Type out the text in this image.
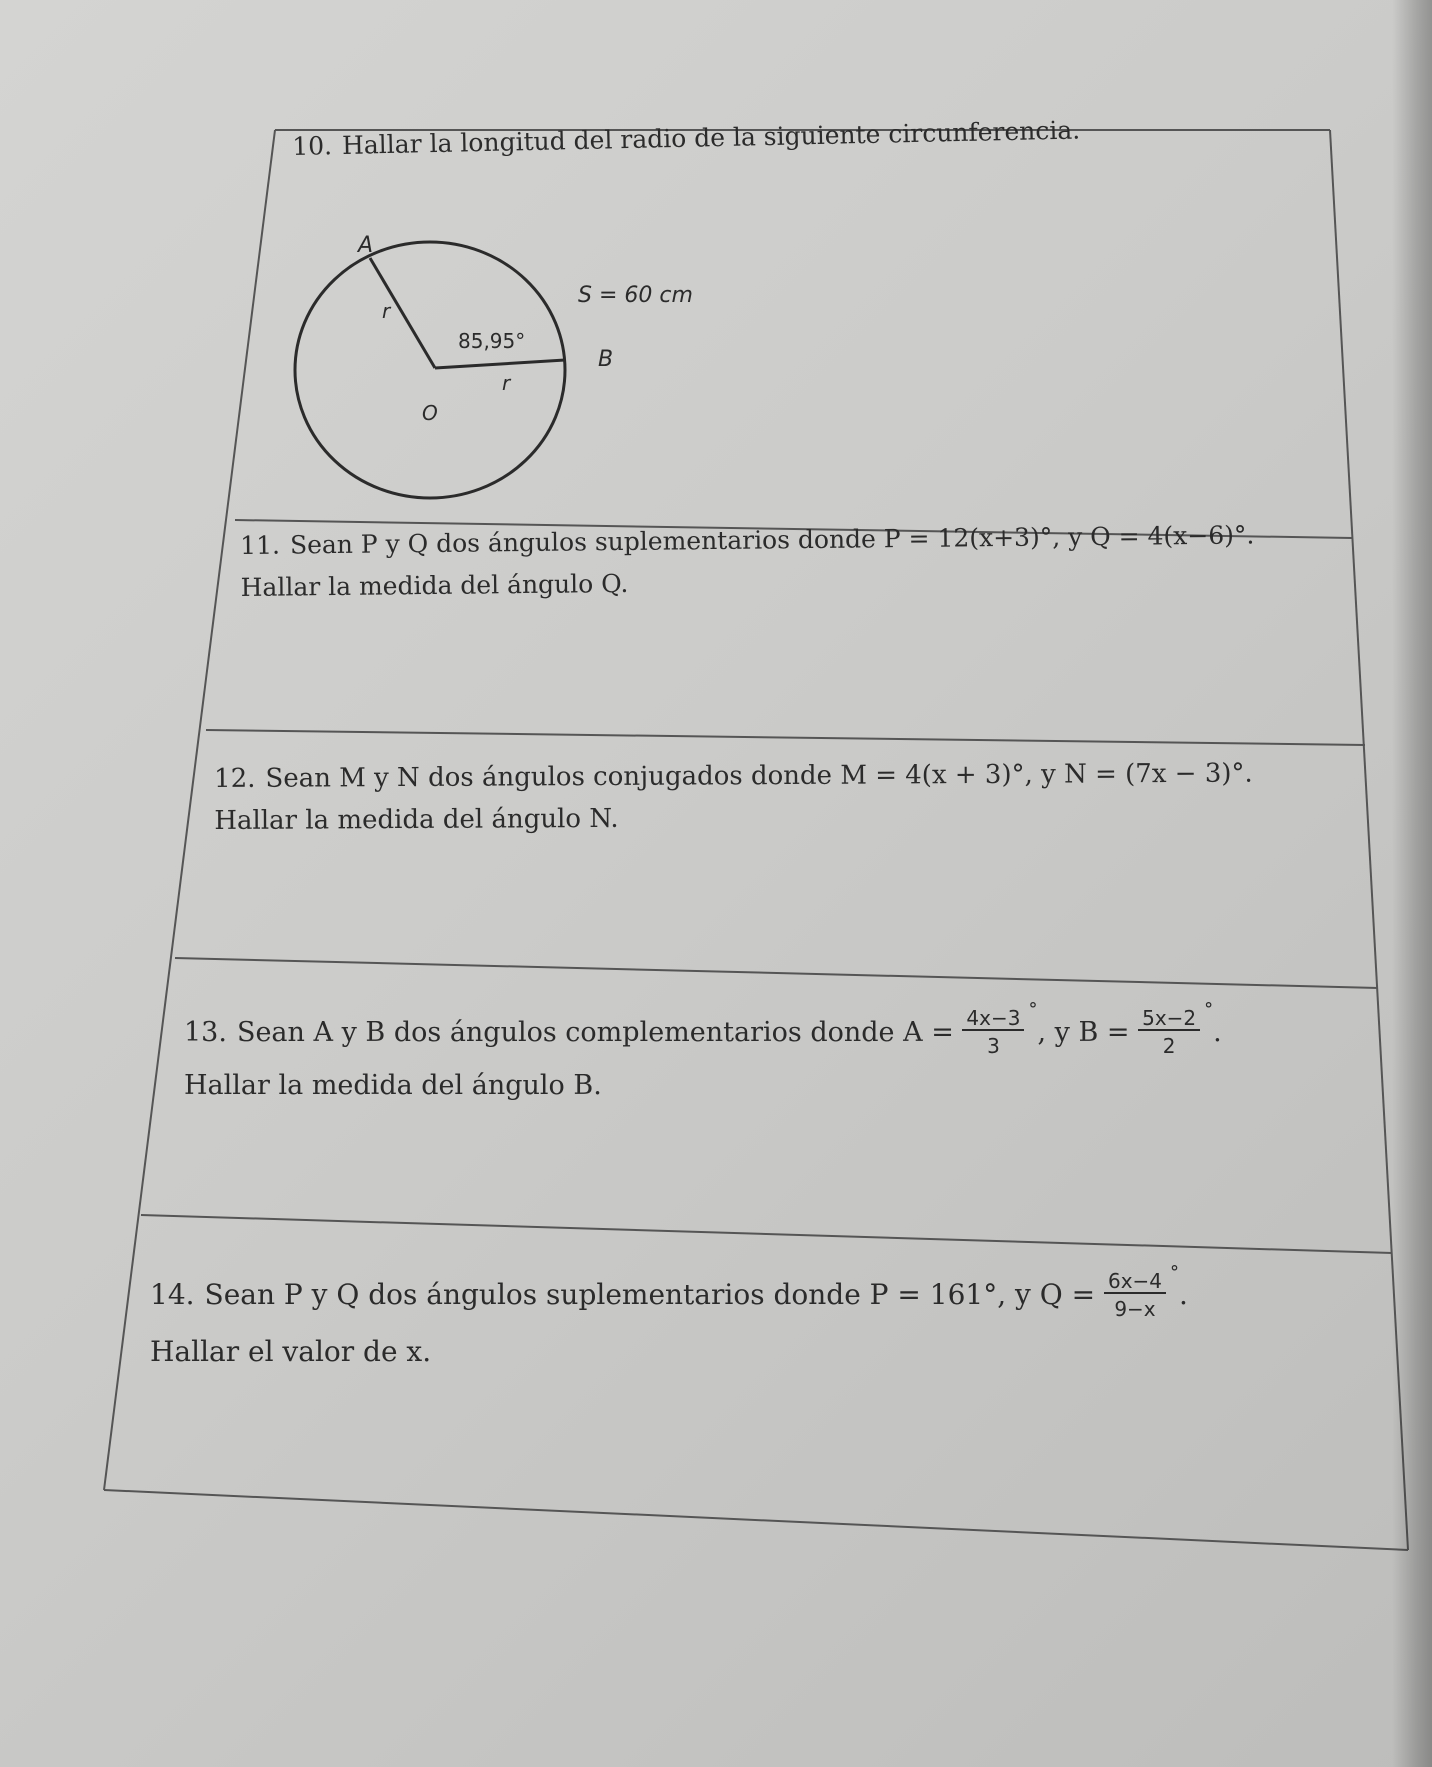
10. Hallar la longitud del radio de la siguiente circunferencia.
A
r
85,95°
r
O
S = 60 cm
B
11. Sean P y Q dos ángulos suplementarios donde P = 12(x+3)°, y Q = 4(x−6)°.
Hallar la medida del ángulo Q.
12. Sean M y N dos ángulos conjugados donde M = 4(x + 3)°, y N = (7x − 3)°.
Hallar la medida del ángulo N.
13. Sean A y B dos ángulos complementarios donde $A = \frac{4x-3}{3} ^\circ$, y $B = \frac{5x-2}{2} ^\circ$.
Hallar la medida del ángulo B.
14. Sean P y Q dos ángulos suplementarios donde P = 161°, y $Q = \frac{6x-4}{9-x} ^\circ$.
Hallar el valor de x.
